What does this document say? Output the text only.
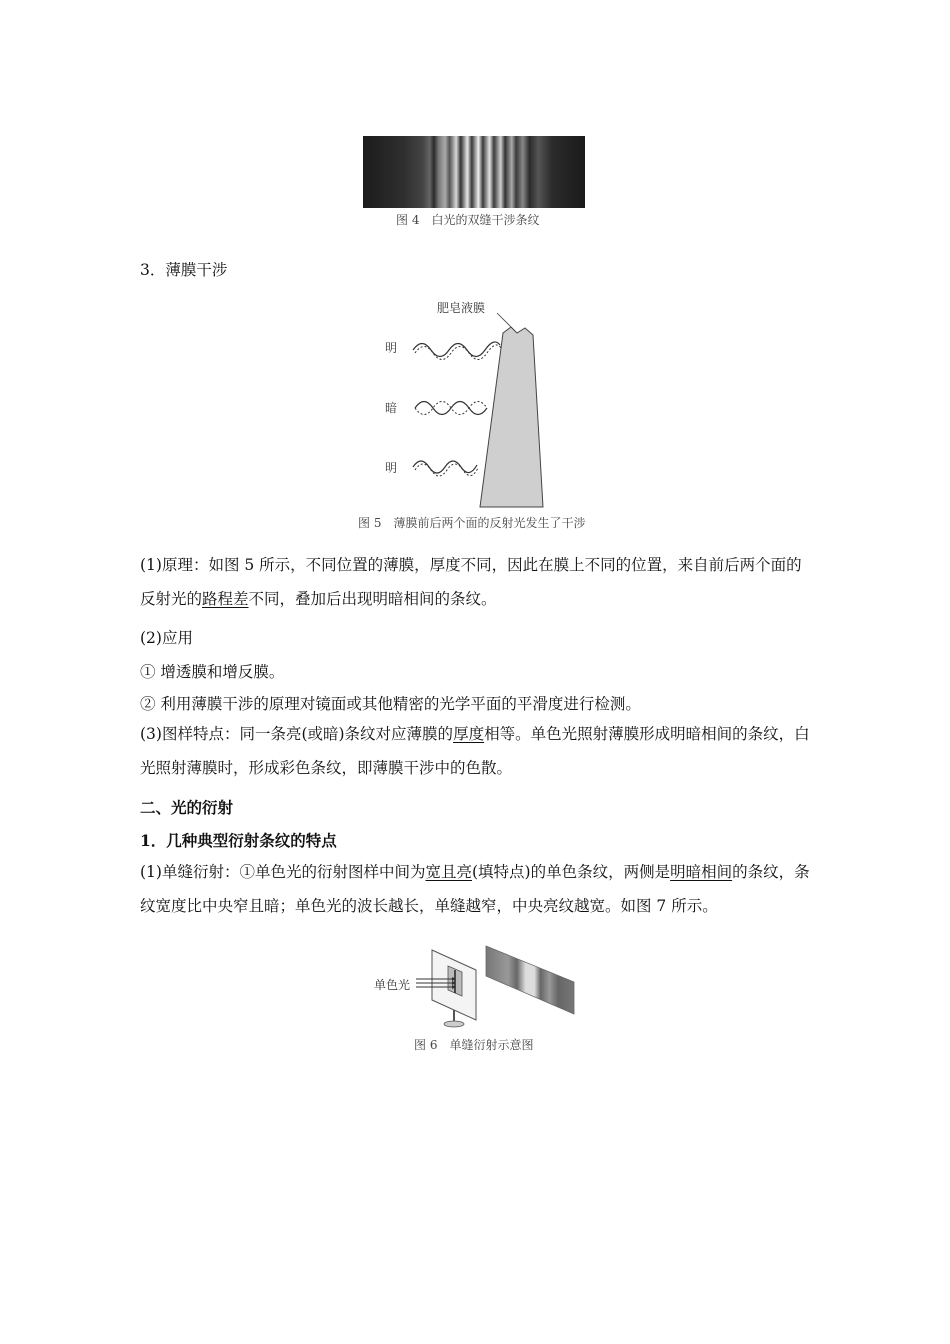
图 4　白光的双缝干涉条纹
3．薄膜干涉
肥皂液膜
明
暗
明
图 5　薄膜前后两个面的反射光发生了干涉
(1)原理：如图 5 所示，不同位置的薄膜，厚度不同，因此在膜上不同的位置，来自前后两个面的反射光的路程差不同，叠加后出现明暗相间的条纹。
(2)应用
① 增透膜和增反膜。
② 利用薄膜干涉的原理对镜面或其他精密的光学平面的平滑度进行检测。
(3)图样特点：同一条亮(或暗)条纹对应薄膜的厚度相等。单色光照射薄膜形成明暗相间的条纹，白光照射薄膜时，形成彩色条纹，即薄膜干涉中的色散。
二、光的衍射
1．几种典型衍射条纹的特点
(1)单缝衍射：①单色光的衍射图样中间为宽且亮(填特点)的单色条纹，两侧是明暗相间的条纹，条纹宽度比中央窄且暗；单色光的波长越长，单缝越窄，中央亮纹越宽。如图 7 所示。
单色光
图 6　单缝衍射示意图
